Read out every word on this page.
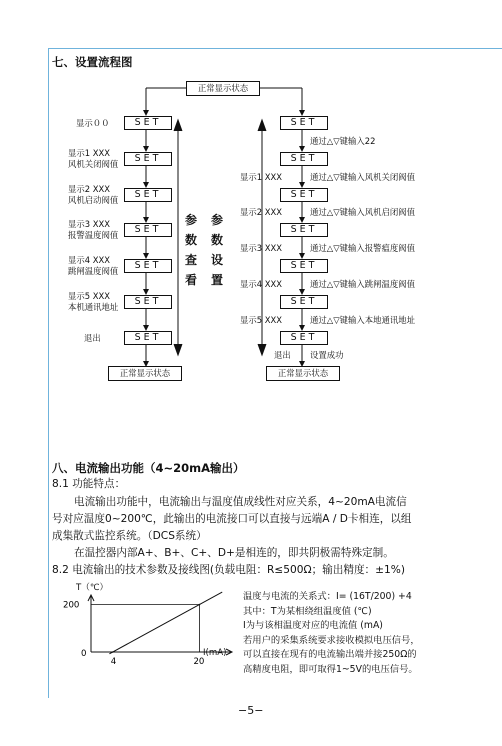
七、设置流程图
正常显示状态
SET
SET
SET
SET
SET
SET
SET
显示００
显示1 XXX
风机关闭阀值
显示2 XXX
风机启动阀值
显示3 XXX
报警温度阀值
显示4 XXX
跳闸温度阀值
显示5 XXX
本机通讯地址
退出
参
数
查
看
参
数
设
置
SET
SET
SET
SET
SET
SET
SET
通过△▽键输入22
通过△▽键输入风机关闭阀值
通过△▽键输入风机启闭阀值
通过△▽键输入报警瘟度阀值
通过△▽键输入跳闸温度阀值
通过△▽键输入本地通讯地址
显示1 XXX
显示2 XXX
显示3 XXX
显示4 XXX
显示5 XXX
退出 设置成功
正常显示状态	正常显示状态
八、电流输出功能（4~20mA输出）
8.1 功能特点：
电流输出功能中，电流输出与温度值成线性对应关系，4~20mA电流信
号对应温度0~200℃，此输出的电流接口可以直接与远端A / D卡相连，以组
成集散式监控系统。（DCS系统）
在温控器内部A+、B+、C+、D+是相连的，即共阴极需特殊定制。
8.2 电流输出的技术参数及接线图(负载电阻：R≤500Ω；输出精度：±1%)
0
4	20
200
T（℃）
I(mA)
温度与电流的关系式：I= (16T/200) +4
其中：T为某相绕组温度值 (℃)
I为与该相温度对应的电流值 (mA)
若用户的采集系统要求接收模拟电压信号，
可以直接在现有的电流输出端并接250Ω的
高精度电阻，即可取得1~5V的电压信号。
−5−
